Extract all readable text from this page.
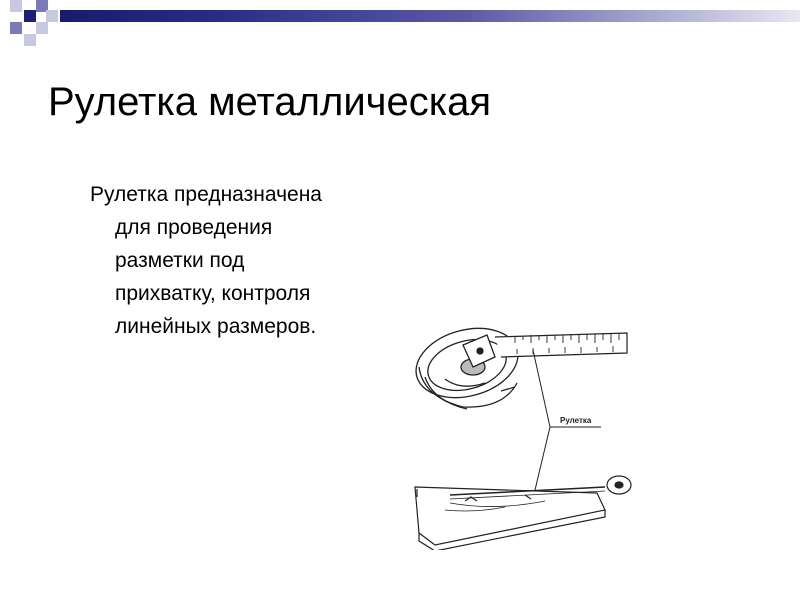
Рулетка металлическая
Рулетка предназначена
для проведения
разметки под
прихватку, контроля
линейных размеров.
Рулетка
